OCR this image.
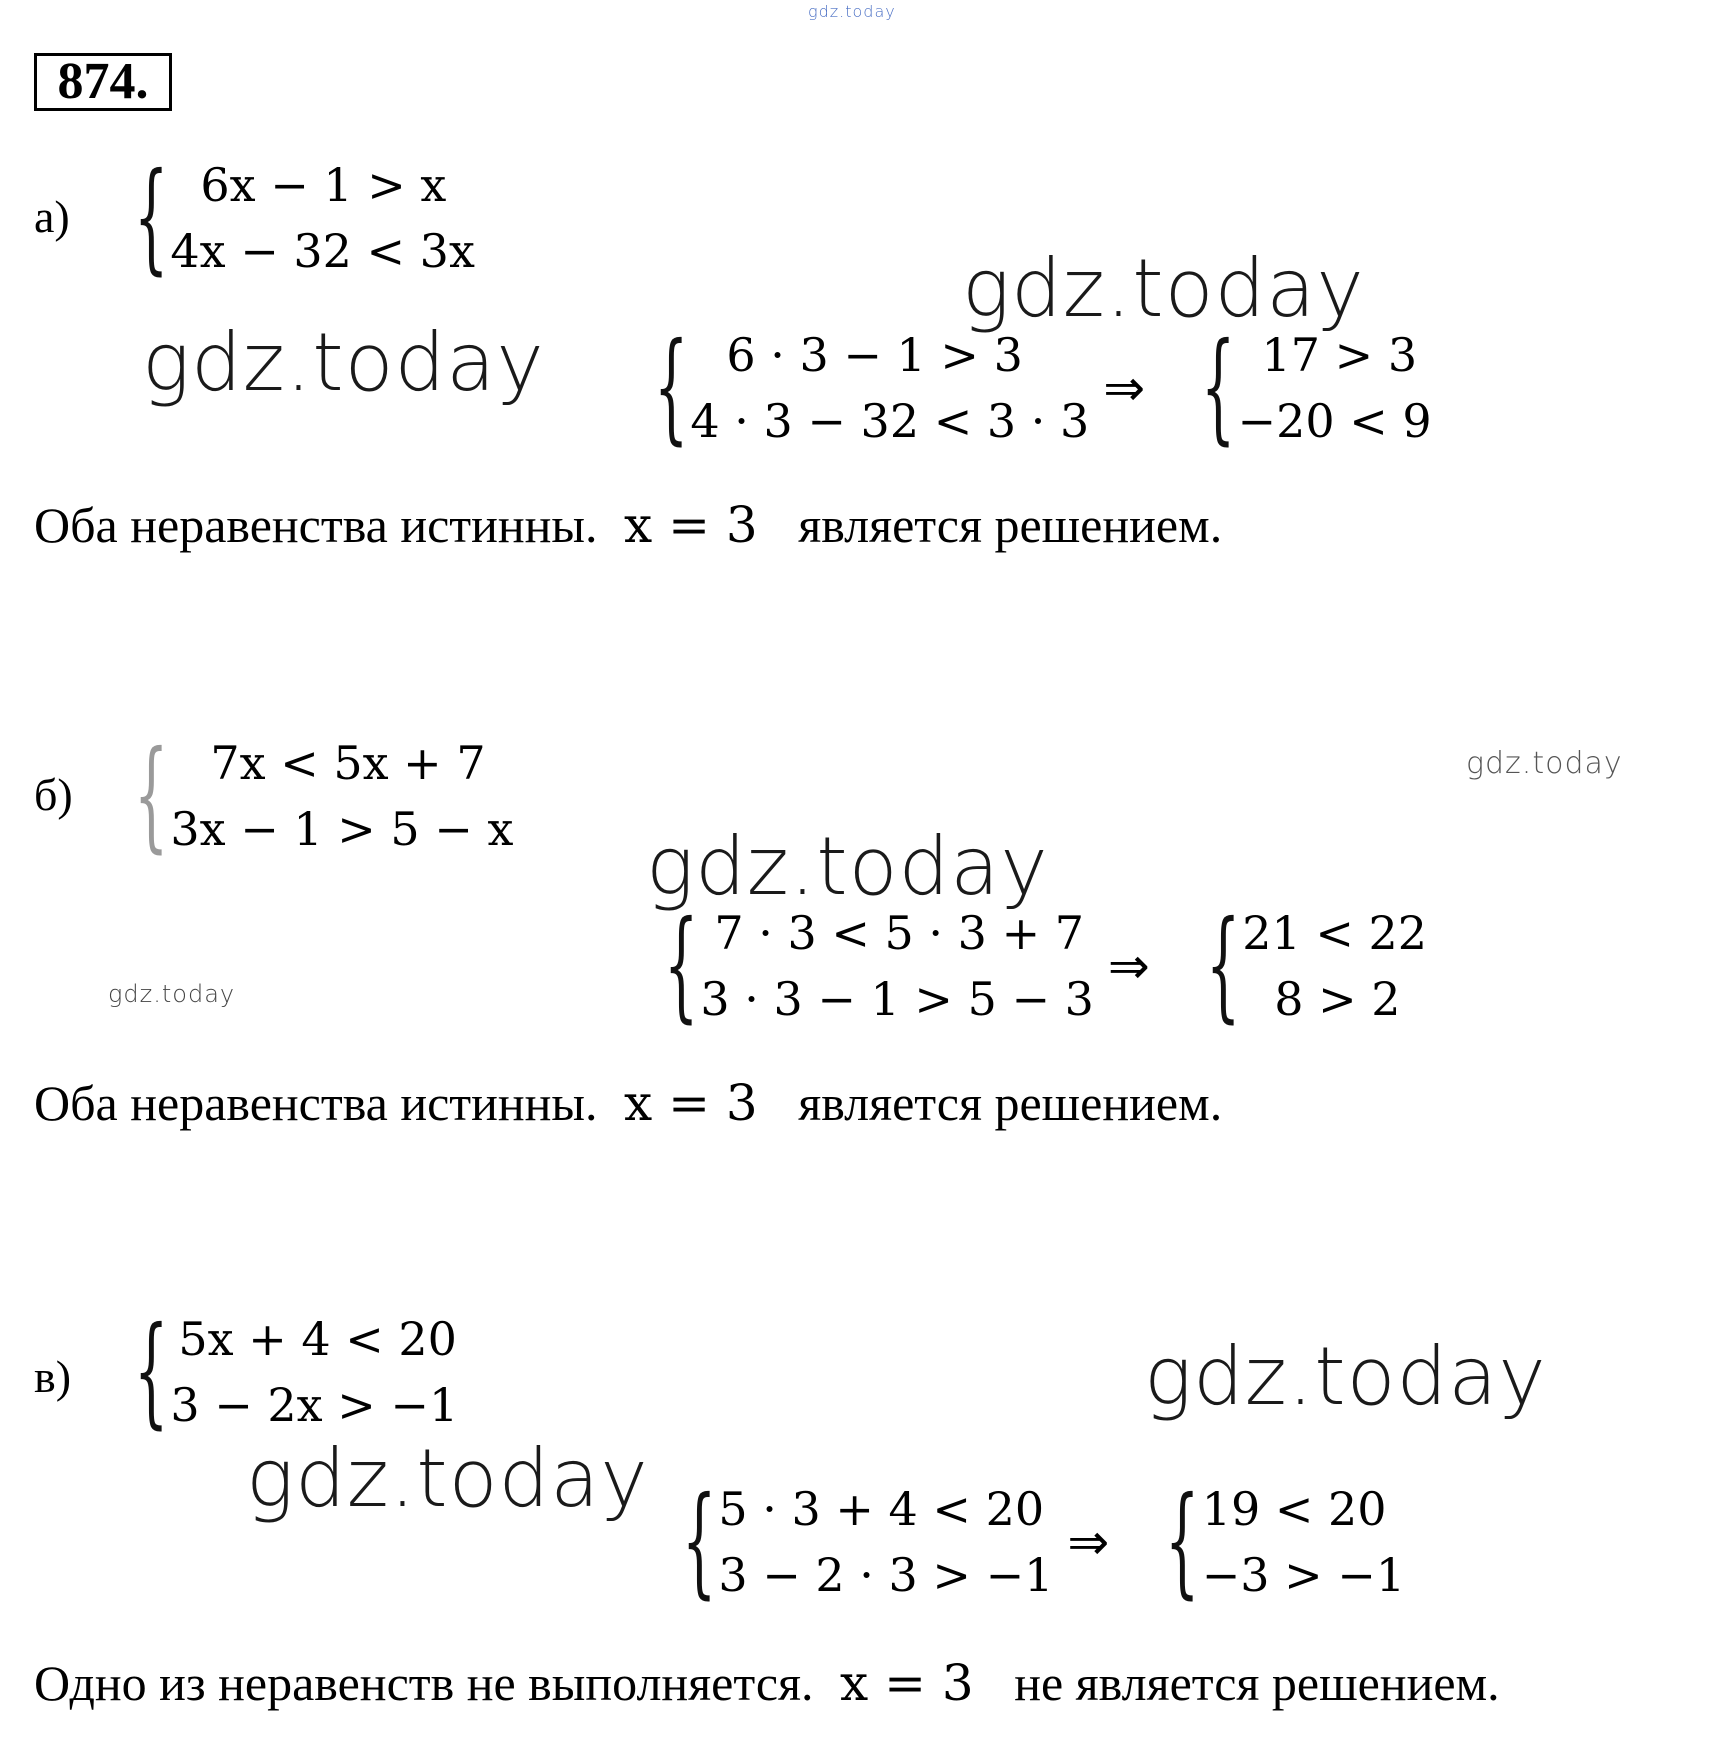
gdz.today
874.
а) { 6x − 1 > x
4x − 32 < 3x
gdz.today
gdz.today
{ 6 · 3 − 1 > 3
4 · 3 − 32 < 3 · 3
⇒ { 17 > 3
−20 < 9
Оба неравенства истинны. x = 3 является решением.
б) { 7x < 5x + 7
3x − 1 > 5 − x
gdz.today
gdz.today
gdz.today	{ 7 · 3 < 5 · 3 + 7
3 · 3 − 1 > 5 − 3
⇒ { 21 < 22
8 > 2
Оба неравенства истинны. x = 3 является решением.
в) { 5x + 4 < 20
3 − 2x > −1	gdz.today
gdz.today { 5 · 3 + 4 < 20
3 − 2 · 3 > −1
⇒ { 19 < 20
−3 > −1
Одно из неравенств не выполняется. x = 3 не является решением.
